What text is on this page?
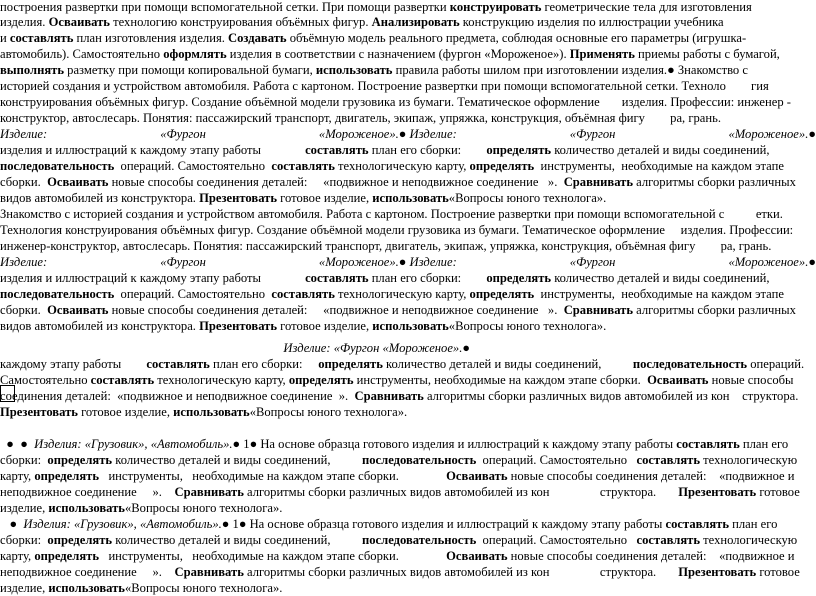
построения развертки при помощи вспомогательной сетки. При помощи развертки конструировать геометрические тела для изготовления
изделия. Осваивать технологию конструирования объёмных фигур. Анализировать конструкцию изделия по иллюстрации учебника
и составлять план изготовления изделия. Создавать объёмную модель реального предмета, соблюдая основные его параметры (игрушка-
автомобиль). Самостоятельно оформлять изделия в соответствии с назначением (фургон «Мороженое»). Применять приемы работы с бумагой,
выполнять разметку при помощи копировальной бумаги, использовать правила работы шилом при изготовлении изделия.● Знакомство с
историей создания и устройством автомобиля. Работа с картоном. Построение развертки при помощи вспомогательной сетки. Техноло        гия
конструирования объёмных фигур. Создание объёмной модели грузовика из бумаги. Тематическое оформление       изделия. Профессии: инженер -
конструктор, автослесарь. Понятия: пассажирский транспорт, двигатель, экипаж, упряжка, конструкция, объёмная фигу        ра, грань.
Изделие:	«Фургон	«Мороженое».● Изделие:	«Фургон	«Мороженое».●
изделия и иллюстраций к каждому этапу работы              составлять план его сборки:        определять количество деталей и виды соединений,
последовательность  операций. Самостоятельно  составлять технологическую карту, определять  инструменты,  необходимые на каждом этапе
сборки.  Осваивать новые способы соединения деталей:     «подвижное и неподвижное соединение   ».  Сравнивать алгоритмы сборки различных
видов автомобилей из конструктора. Презентовать готовое изделие, использовать«Вопросы юного технолога».
Знакомство с историей создания и устройством автомобиля. Работа с картоном. Построение развертки при помощи вспомогательной с          етки.
Технология конструирования объёмных фигур. Создание объёмной модели грузовика из бумаги. Тематическое оформление     изделия. Профессии:
инженер-конструктор, автослесарь. Понятия: пассажирский транспорт, двигатель, экипаж, упряжка, конструкция, объёмная фигу        ра, грань.
Изделие:	«Фургон	«Мороженое».● Изделие:	«Фургон	«Мороженое».●
изделия и иллюстраций к каждому этапу работы              составлять план его сборки:        определять количество деталей и виды соединений,
последовательность  операций. Самостоятельно  составлять технологическую карту, определять  инструменты,  необходимые на каждом этапе
сборки.  Осваивать новые способы соединения деталей:     «подвижное и неподвижное соединение   ».  Сравнивать алгоритмы сборки различных
видов автомобилей из конструктора. Презентовать готовое изделие, использовать«Вопросы юного технолога».
Изделие: «Фургон «Мороженое».●
каждому этапу работы        составлять план его сборки:     определять количество деталей и виды соединений,          последовательность операций.
Самостоятельно составлять технологическую карту, определять инструменты, необходимые на каждом этапе сборки.  Осваивать новые способы
соединения деталей:  «подвижное и неподвижное соединение  ».  Сравнивать алгоритмы сборки различных видов автомобилей из кон    структора.
Презентовать готовое изделие, использовать«Вопросы юного технолога».
●  ●  Изделия: «Грузовик», «Автомобиль».● 1● На основе образца готового изделия и иллюстраций к каждому этапу работы составлять план его
сборки:  определять количество деталей и виды соединений,          последовательность  операций. Самостоятельно   составлять технологическую
карту, определять   инструменты,   необходимые на каждом этапе сборки.               Осваивать новые способы соединения деталей:    «подвижное и
неподвижное соединение     ».    Сравнивать алгоритмы сборки различных видов автомобилей из кон                структора.       Презентовать готовое
изделие, использовать«Вопросы юного технолога».
●  Изделия: «Грузовик», «Автомобиль».● 1● На основе образца готового изделия и иллюстраций к каждому этапу работы составлять план его
сборки:  определять количество деталей и виды соединений,          последовательность  операций. Самостоятельно   составлять технологическую
карту, определять   инструменты,   необходимые на каждом этапе сборки.               Осваивать новые способы соединения деталей:    «подвижное и
неподвижное соединение     ».    Сравнивать алгоритмы сборки различных видов автомобилей из кон                структора.       Презентовать готовое
изделие, использовать«Вопросы юного технолога».
